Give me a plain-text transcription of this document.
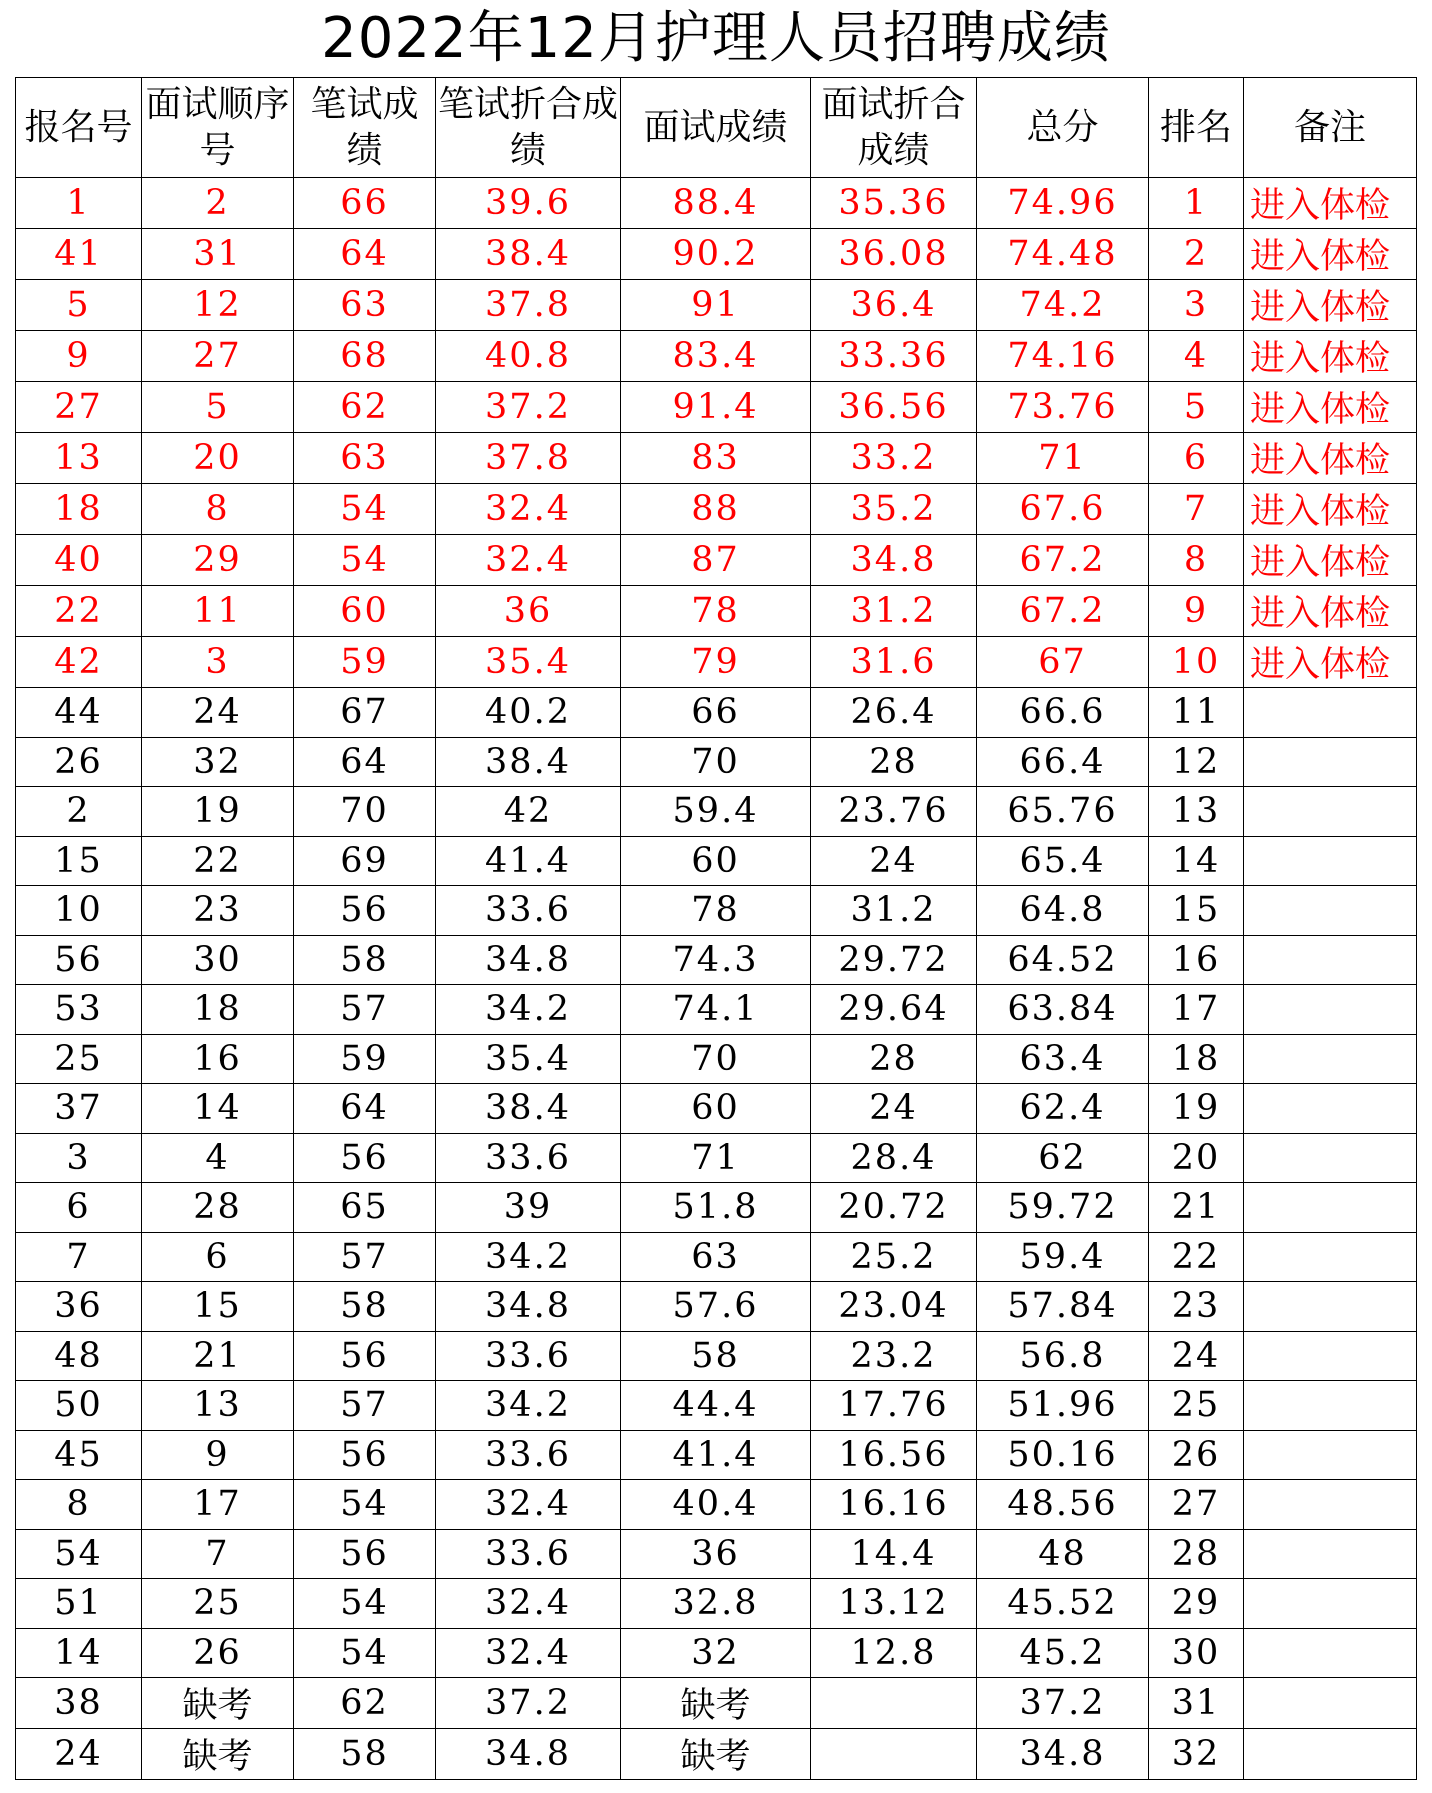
2022年12月护理人员招聘成绩
报名号	面试顺序号	笔试成绩	笔试折合成绩	面试成绩	面试折合成绩	总分	排名	备注
1	2	66	39.6	88.4	35.36	74.96	1	进入体检
41	31	64	38.4	90.2	36.08	74.48	2	进入体检
5	12	63	37.8	91	36.4	74.2	3	进入体检
9	27	68	40.8	83.4	33.36	74.16	4	进入体检
27	5	62	37.2	91.4	36.56	73.76	5	进入体检
13	20	63	37.8	83	33.2	71	6	进入体检
18	8	54	32.4	88	35.2	67.6	7	进入体检
40	29	54	32.4	87	34.8	67.2	8	进入体检
22	11	60	36	78	31.2	67.2	9	进入体检
42	3	59	35.4	79	31.6	67	10	进入体检
44	24	67	40.2	66	26.4	66.6	11	
26	32	64	38.4	70	28	66.4	12	
2	19	70	42	59.4	23.76	65.76	13	
15	22	69	41.4	60	24	65.4	14	
10	23	56	33.6	78	31.2	64.8	15	
56	30	58	34.8	74.3	29.72	64.52	16	
53	18	57	34.2	74.1	29.64	63.84	17	
25	16	59	35.4	70	28	63.4	18	
37	14	64	38.4	60	24	62.4	19	
3	4	56	33.6	71	28.4	62	20	
6	28	65	39	51.8	20.72	59.72	21	
7	6	57	34.2	63	25.2	59.4	22	
36	15	58	34.8	57.6	23.04	57.84	23	
48	21	56	33.6	58	23.2	56.8	24	
50	13	57	34.2	44.4	17.76	51.96	25	
45	9	56	33.6	41.4	16.56	50.16	26	
8	17	54	32.4	40.4	16.16	48.56	27	
54	7	56	33.6	36	14.4	48	28	
51	25	54	32.4	32.8	13.12	45.52	29	
14	26	54	32.4	32	12.8	45.2	30	
38	缺考	62	37.2	缺考		37.2	31	
24	缺考	58	34.8	缺考		34.8	32	
